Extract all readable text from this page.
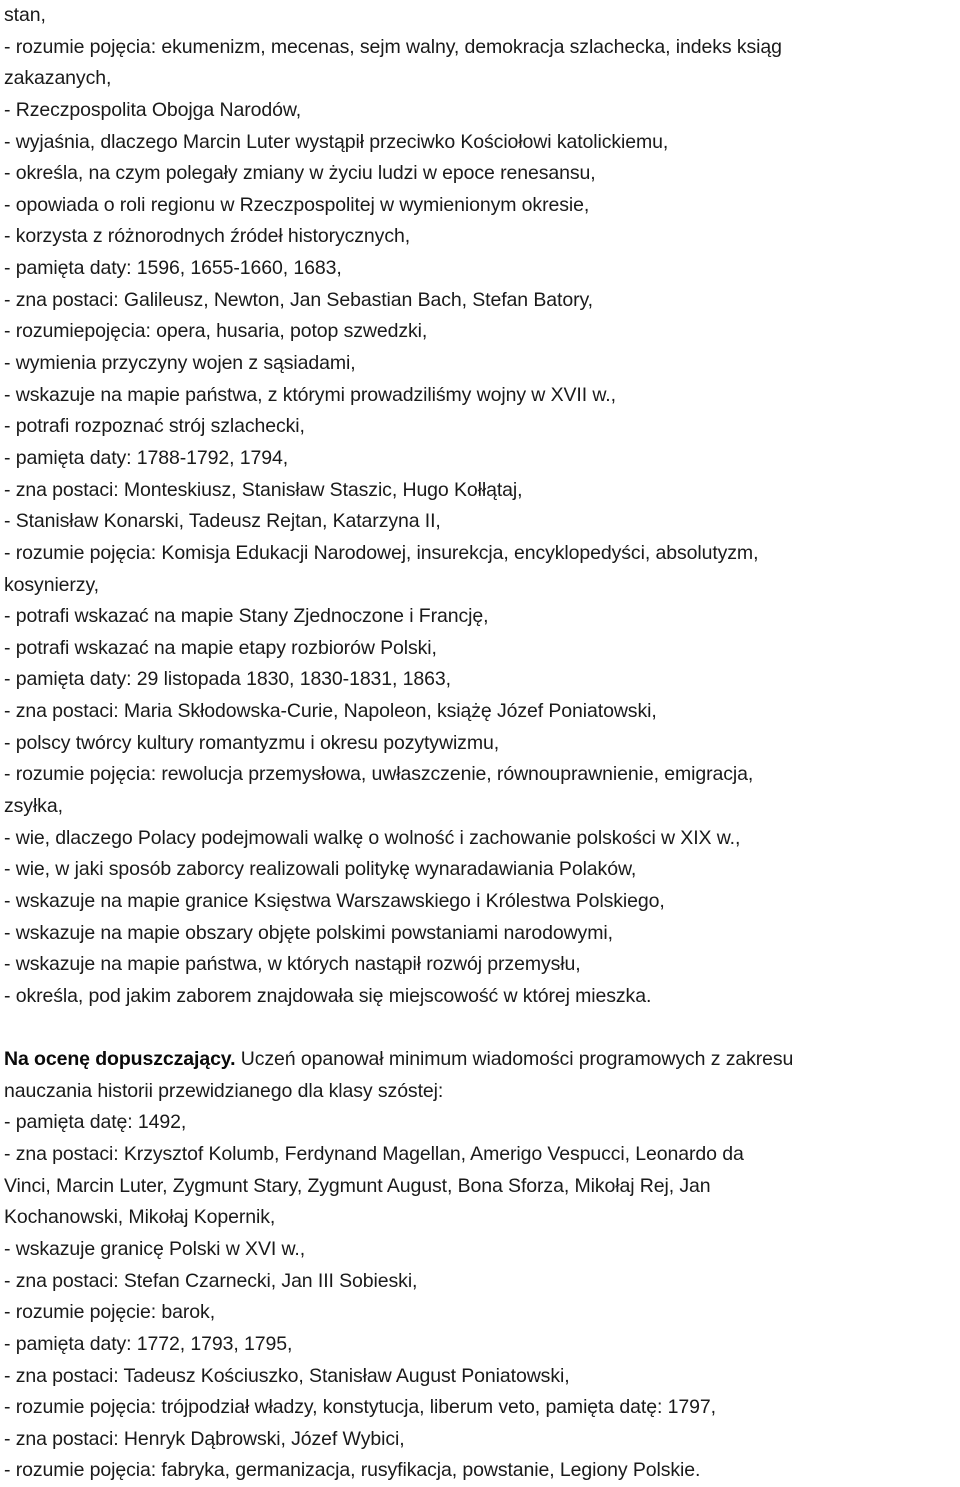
stan,
- rozumie pojęcia: ekumenizm, mecenas, sejm walny, demokracja szlachecka, indeks ksiąg
zakazanych,
- Rzeczpospolita Obojga Narodów,
- wyjaśnia, dlaczego Marcin Luter wystąpił przeciwko Kościołowi katolickiemu,
- określa, na czym polegały zmiany w życiu ludzi w epoce renesansu,
- opowiada o roli regionu w Rzeczpospolitej w wymienionym okresie,
- korzysta z różnorodnych źródeł historycznych,
- pamięta daty: 1596, 1655-1660, 1683,
- zna postaci: Galileusz, Newton, Jan Sebastian Bach, Stefan Batory,
- rozumiepojęcia: opera, husaria, potop szwedzki,
- wymienia przyczyny wojen z sąsiadami,
- wskazuje na mapie państwa, z którymi prowadziliśmy wojny w XVII w.,
- potrafi rozpoznać strój szlachecki,
- pamięta daty: 1788-1792, 1794,
- zna postaci: Monteskiusz, Stanisław Staszic, Hugo Kołłątaj,
- Stanisław Konarski, Tadeusz Rejtan, Katarzyna II,
- rozumie pojęcia: Komisja Edukacji Narodowej, insurekcja, encyklopedyści, absolutyzm,
kosynierzy,
- potrafi wskazać na mapie Stany Zjednoczone i Francję,
- potrafi wskazać na mapie etapy rozbiorów Polski,
- pamięta daty: 29 listopada 1830, 1830-1831, 1863,
- zna postaci: Maria Skłodowska-Curie, Napoleon, książę Józef Poniatowski,
- polscy twórcy kultury romantyzmu i okresu pozytywizmu,
- rozumie pojęcia: rewolucja przemysłowa, uwłaszczenie, równouprawnienie, emigracja,
zsyłka,
- wie, dlaczego Polacy podejmowali walkę o wolność i zachowanie polskości w XIX w.,
- wie, w jaki sposób zaborcy realizowali politykę wynaradawiania Polaków,
- wskazuje na mapie granice Księstwa Warszawskiego i Królestwa Polskiego,
- wskazuje na mapie obszary objęte polskimi powstaniami narodowymi,
- wskazuje na mapie państwa, w których nastąpił rozwój przemysłu,
- określa, pod jakim zaborem znajdowała się miejscowość w której mieszka.
Na ocenę dopuszczający. Uczeń opanował minimum wiadomości programowych z zakresu
nauczania historii przewidzianego dla klasy szóstej:
- pamięta datę: 1492,
- zna postaci: Krzysztof Kolumb, Ferdynand Magellan, Amerigo Vespucci, Leonardo da
Vinci, Marcin Luter, Zygmunt Stary, Zygmunt August, Bona Sforza, Mikołaj Rej, Jan
Kochanowski, Mikołaj Kopernik,
- wskazuje granicę Polski w XVI w.,
- zna postaci: Stefan Czarnecki, Jan III Sobieski,
- rozumie pojęcie: barok,
- pamięta daty: 1772, 1793, 1795,
- zna postaci: Tadeusz Kościuszko, Stanisław August Poniatowski,
- rozumie pojęcia: trójpodział władzy, konstytucja, liberum veto, pamięta datę: 1797,
- zna postaci: Henryk Dąbrowski, Józef Wybici,
- rozumie pojęcia: fabryka, germanizacja, rusyfikacja, powstanie, Legiony Polskie.
